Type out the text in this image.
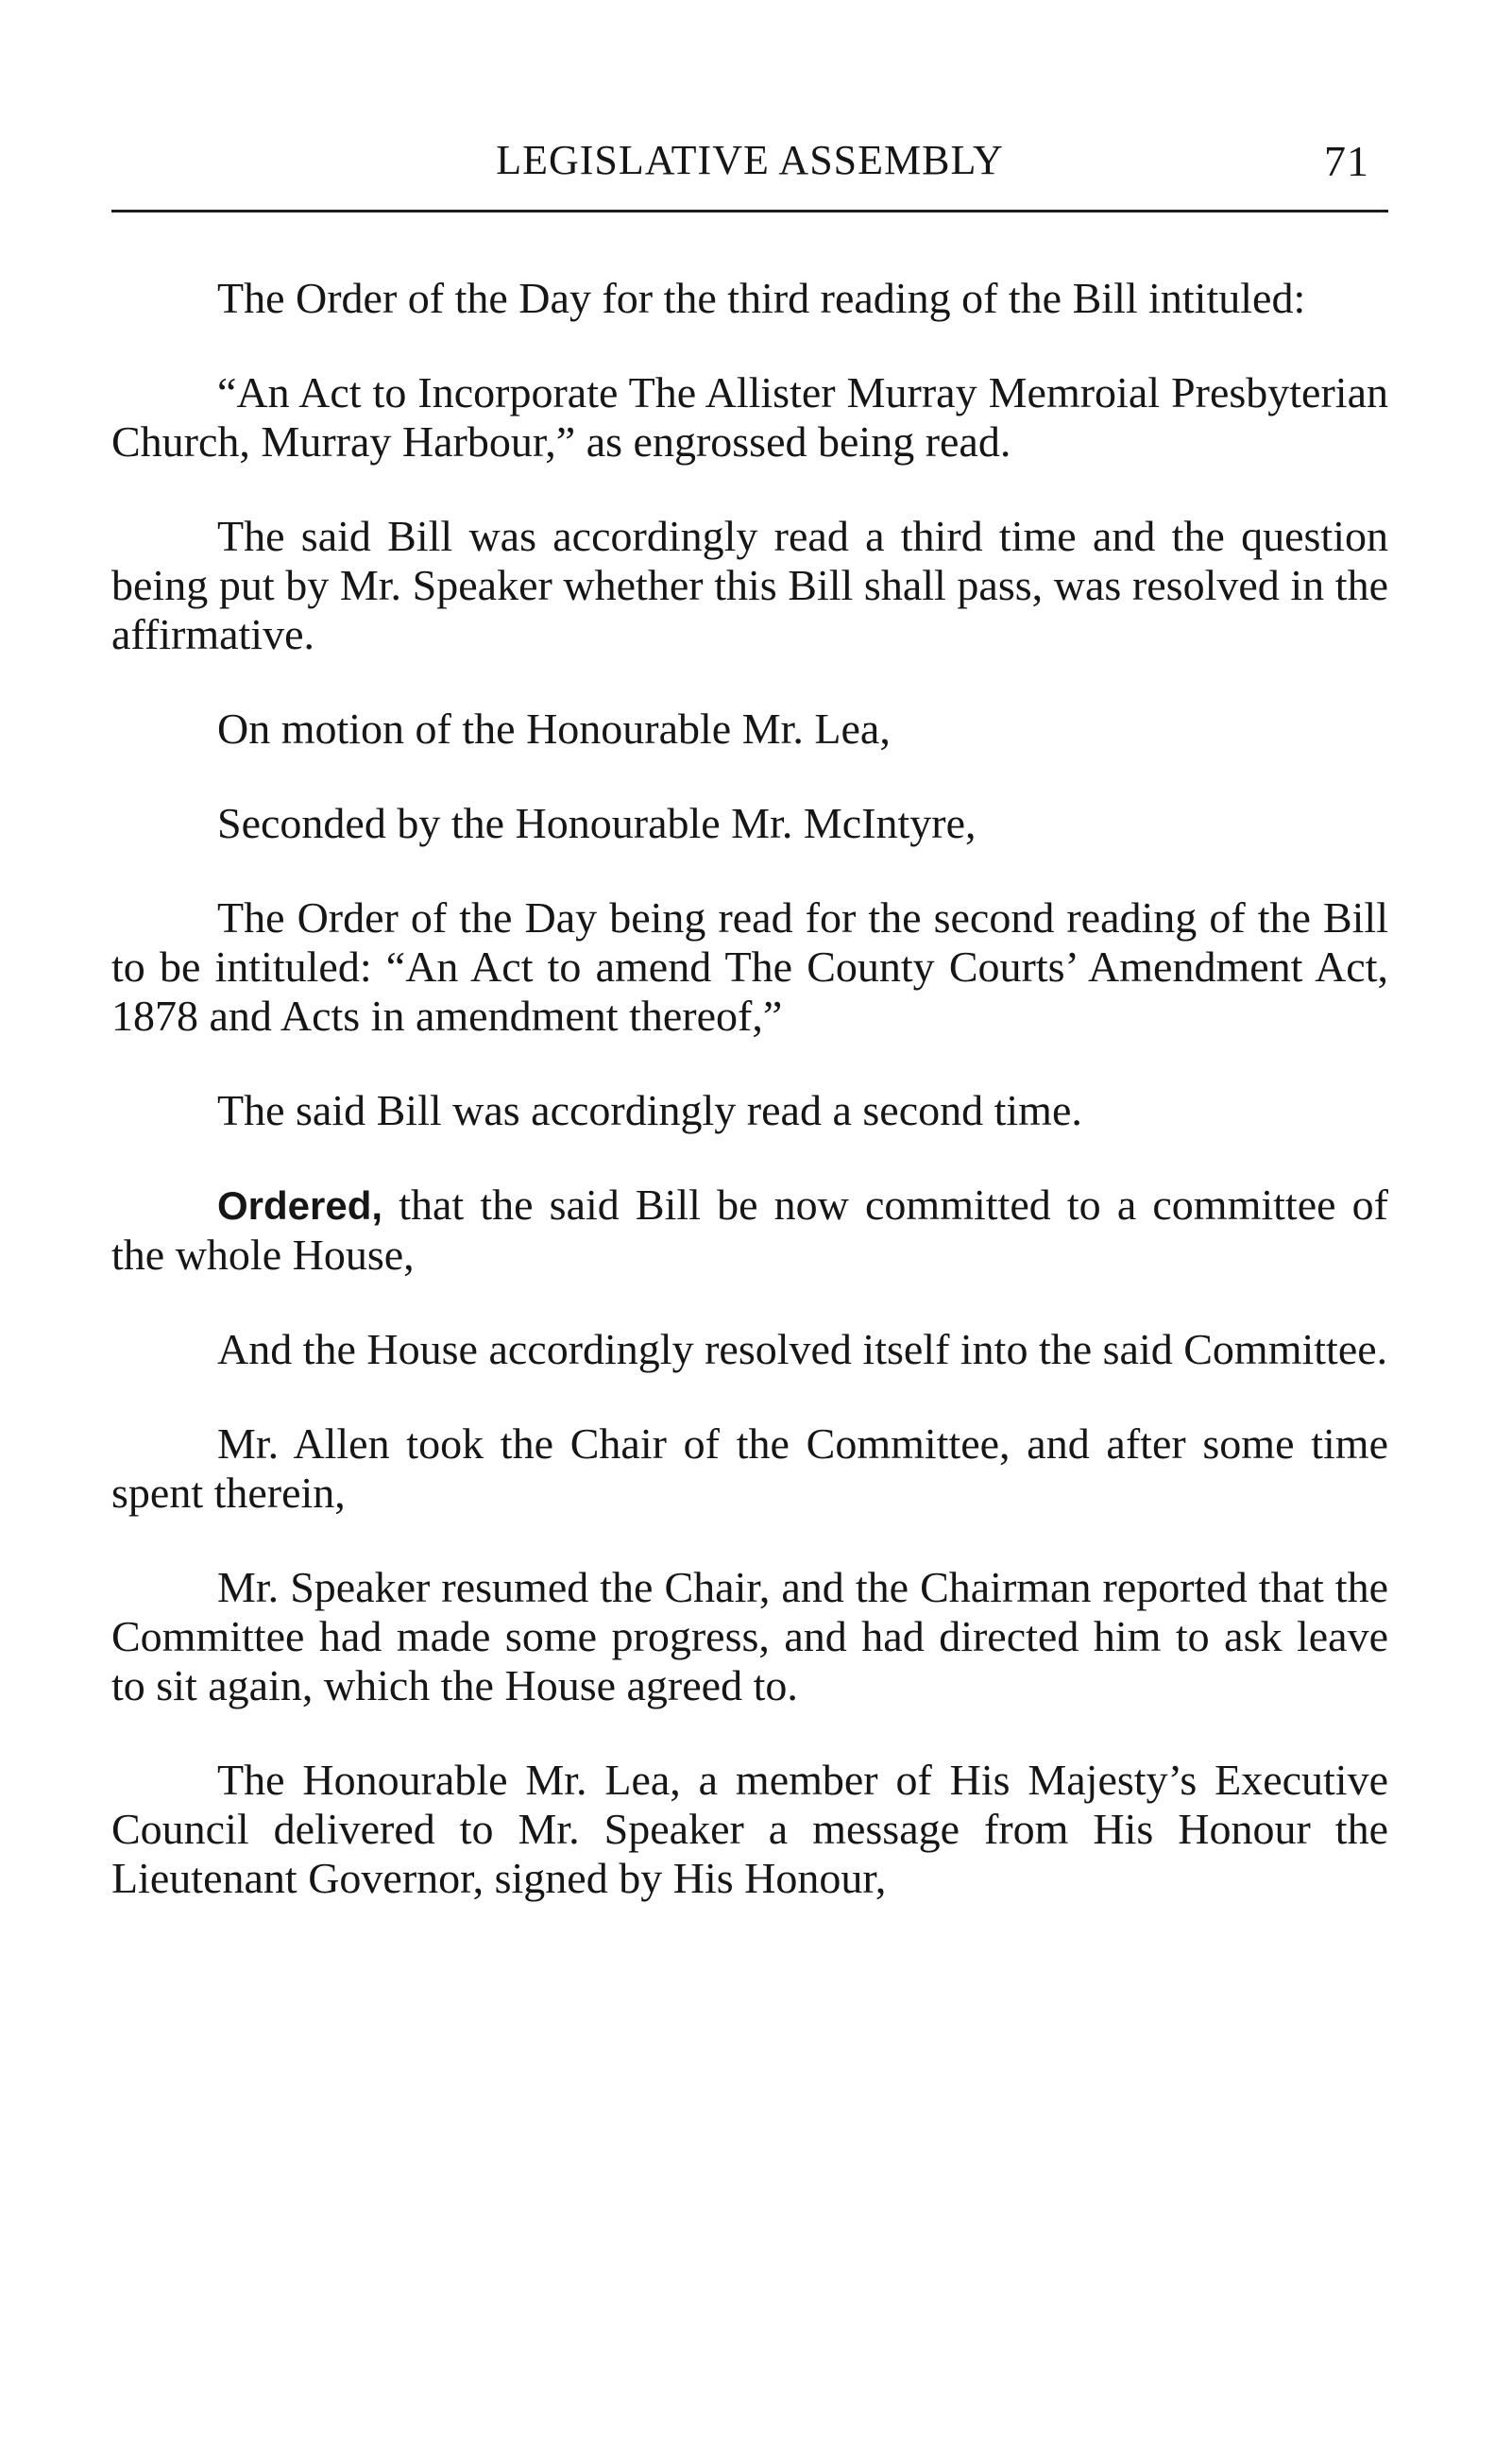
LEGISLATIVE ASSEMBLY	71

The Order of the Day for the third reading of the Bill intituled:

“An Act to Incorporate The Allister Murray Memroial Presbyterian Church, Murray Harbour,” as engrossed being read.

The said Bill was accordingly read a third time and the question being put by Mr. Speaker whether this Bill shall pass, was resolved in the affirmative.

On motion of the Honourable Mr. Lea,

Seconded by the Honourable Mr. McIntyre,

The Order of the Day being read for the second reading of the Bill to be intituled: “An Act to amend The County Courts’ Amendment Act, 1878 and Acts in amendment thereof,”

The said Bill was accordingly read a second time.

Ordered, that the said Bill be now committed to a committee of the whole House,

And the House accordingly resolved itself into the said Committee.

Mr. Allen took the Chair of the Committee, and after some time spent therein,

Mr. Speaker resumed the Chair, and the Chairman reported that the Committee had made some progress, and had directed him to ask leave to sit again, which the House agreed to.

The Honourable Mr. Lea, a member of His Majesty’s Executive Council delivered to Mr. Speaker a message from His Honour the Lieutenant Governor, signed by His Honour,
